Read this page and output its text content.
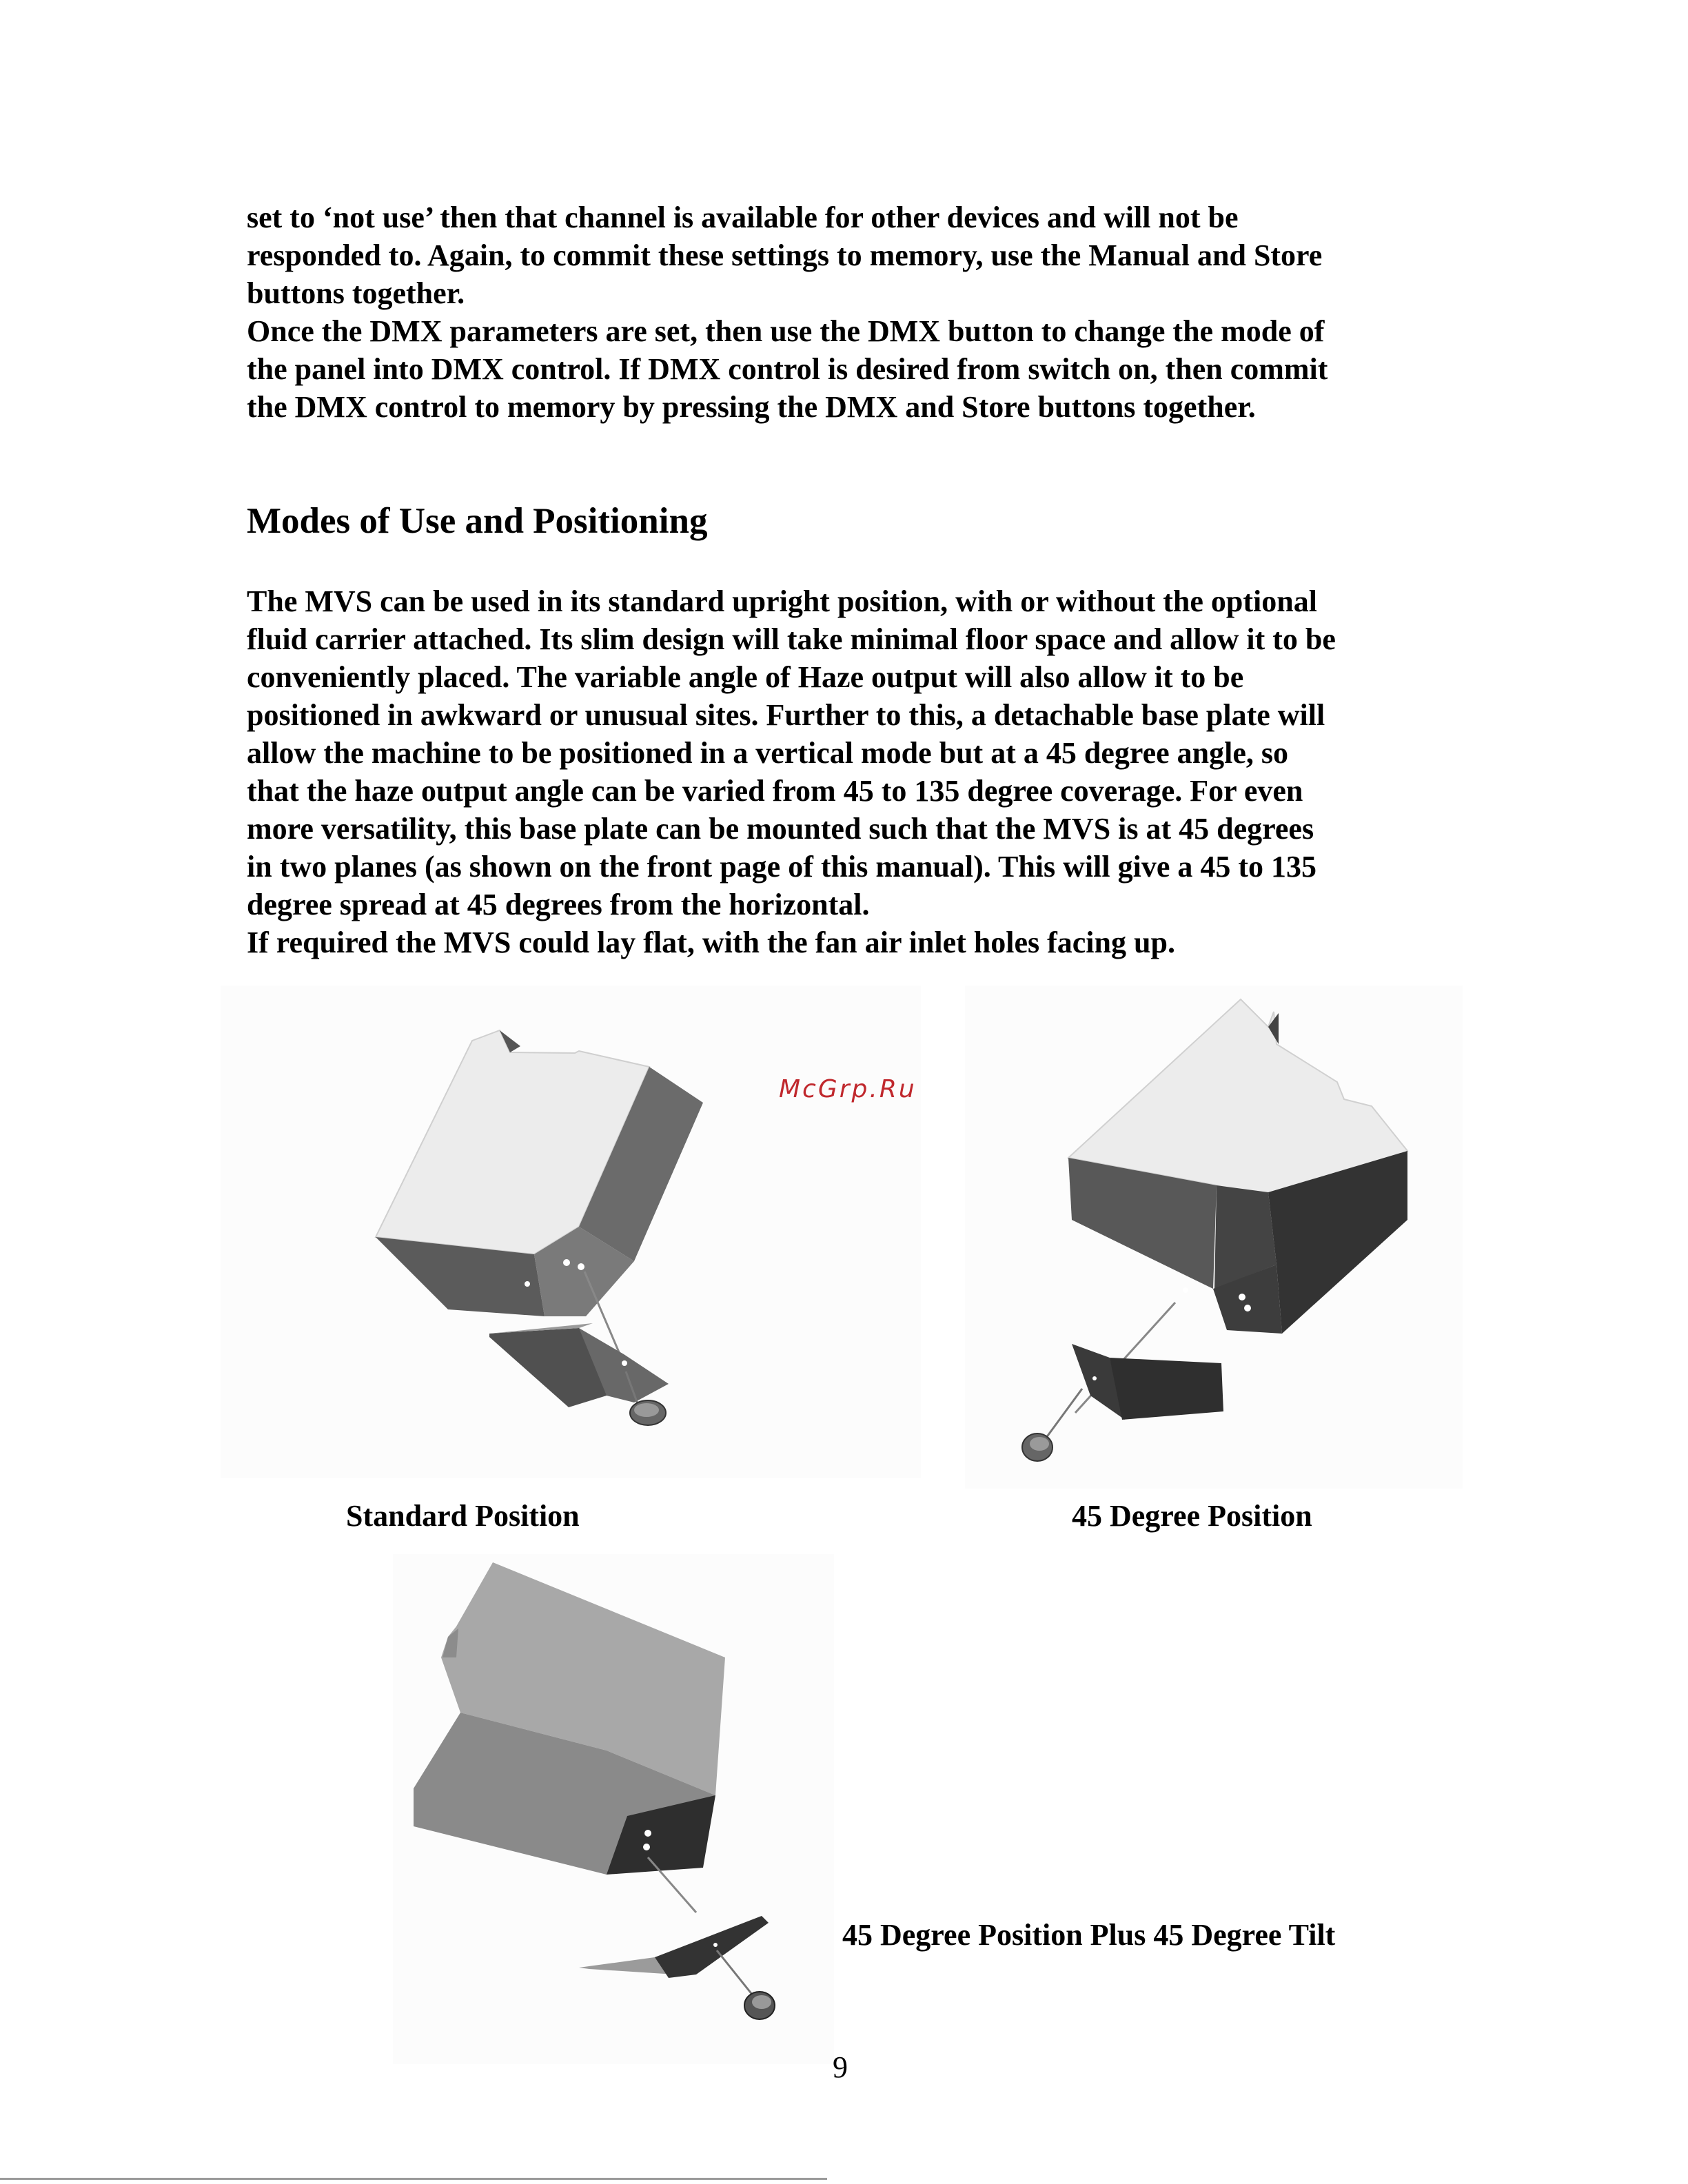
set to ‘not use’ then that channel is available for other devices and will not be
responded to. Again, to commit these settings to memory, use the Manual and Store
buttons together.
Once the DMX parameters are set, then use the DMX button to change the mode of
the panel into DMX control. If DMX control is desired from switch on, then commit
the DMX control to memory by pressing the DMX and Store buttons together.

Modes of Use and Positioning

The MVS can be used in its standard upright position, with or without the optional
fluid carrier attached. Its slim design will take minimal floor space and allow it to be
conveniently placed. The variable angle of Haze output will also allow it to be
positioned in awkward or unusual sites. Further to this, a detachable base plate will
allow the machine to be positioned in a vertical mode but at a 45 degree angle, so
that the haze output angle can be varied from 45 to 135 degree coverage. For even
more versatility, this base plate can be mounted such that the MVS is at 45 degrees
in two planes (as shown on the front page of this manual). This will give a 45 to 135
degree spread at 45 degrees from the horizontal.
If required the MVS could lay flat, with the fan air inlet holes facing up.

McGrp.Ru
Standard Position	45 Degree Position
45 Degree Position Plus 45 Degree Tilt
9
